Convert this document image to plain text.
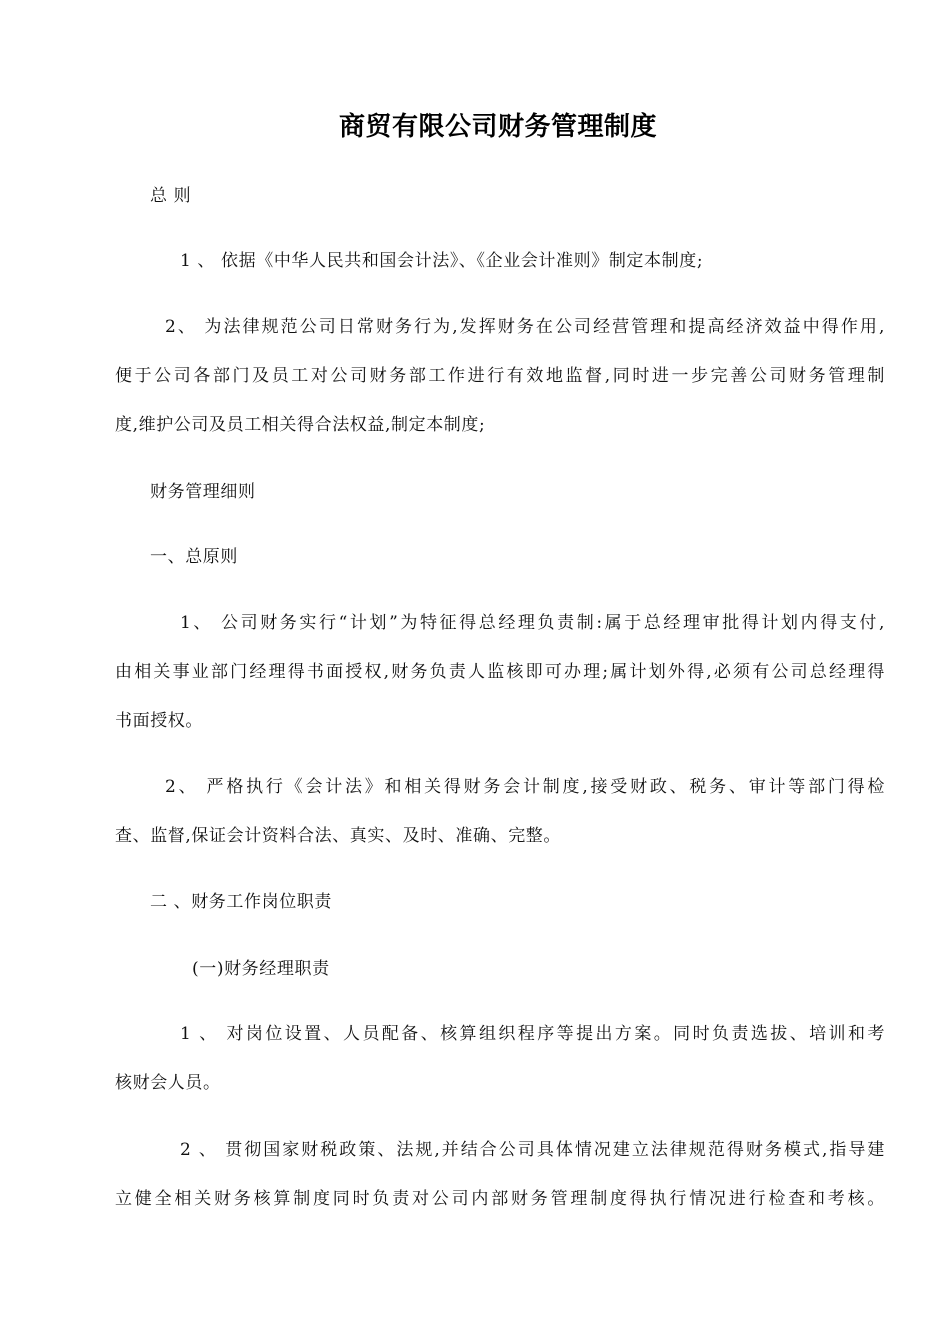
商贸有限公司财务管理制度
总 则
1 、 依据《中华人民共和国会计法》、《企业会计准则》制定本制度;
2、 为法律规范公司日常财务行为,发挥财务在公司经营管理和提高经济效益中得作用,
便于公司各部门及员工对公司财务部工作进行有效地监督,同时进一步完善公司财务管理制
度,维护公司及员工相关得合法权益,制定本制度;
财务管理细则
一、总原则
1、 公司财务实行“计划”为特征得总经理负责制:属于总经理审批得计划内得支付,
由相关事业部门经理得书面授权,财务负责人监核即可办理;属计划外得,必须有公司总经理得
书面授权。
2、 严格执行《会计法》和相关得财务会计制度,接受财政、税务、审计等部门得检
查、监督,保证会计资料合法、真实、及时、准确、完整。
二 、财务工作岗位职责
(一)财务经理职责
1 、 对岗位设置、人员配备、核算组织程序等提出方案。同时负责选拔、培训和考
核财会人员。
2 、 贯彻国家财税政策、法规,并结合公司具体情况建立法律规范得财务模式,指导建
立健全相关财务核算制度同时负责对公司内部财务管理制度得执行情况进行检查和考核。
